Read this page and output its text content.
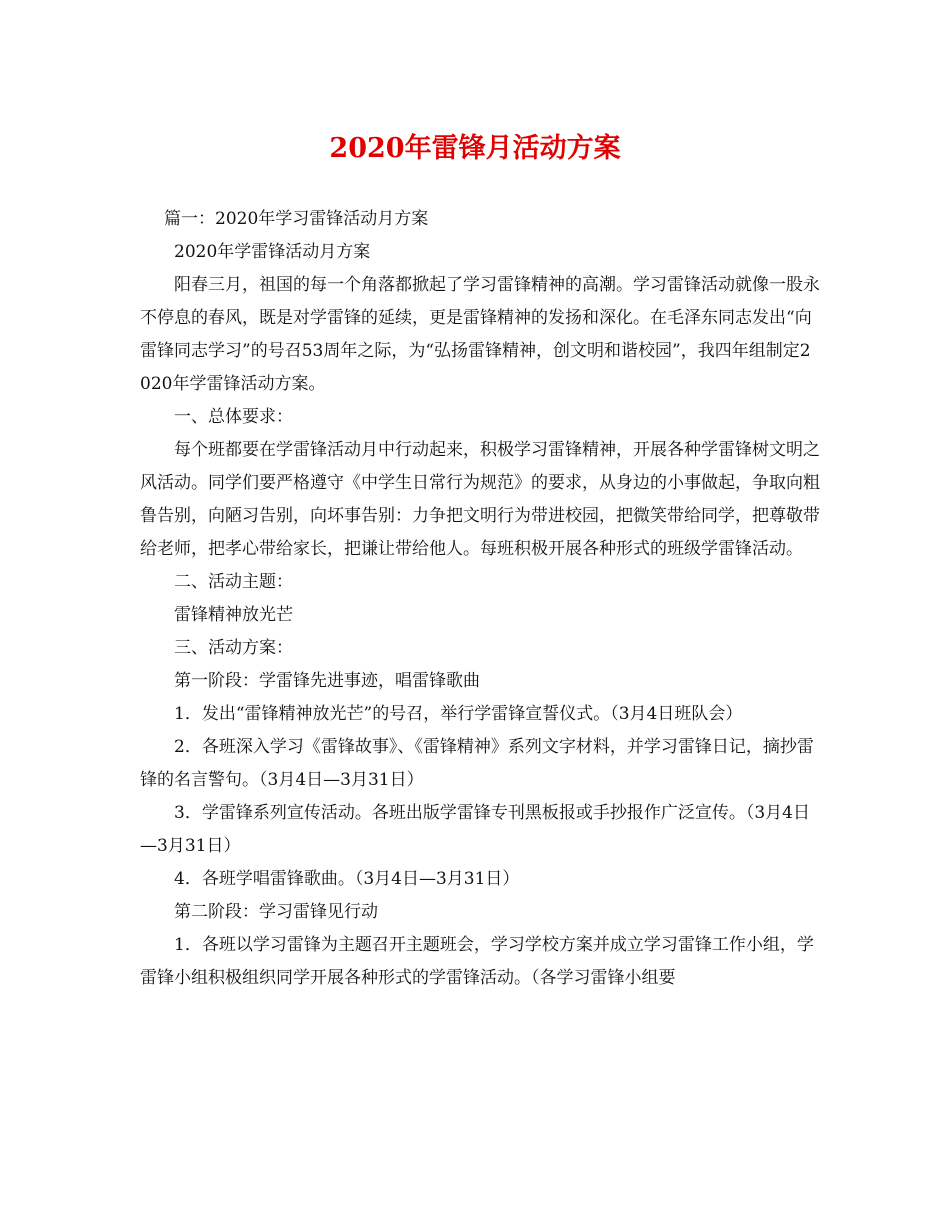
2020年雷锋月活动方案

篇一：2020年学习雷锋活动月方案

2020年学雷锋活动月方案

阳春三月，祖国的每一个角落都掀起了学习雷锋精神的高潮。学习雷锋活动就像一股永不停息的春风，既是对学雷锋的延续，更是雷锋精神的发扬和深化。在毛泽东同志发出“向雷锋同志学习”的号召53周年之际，为“弘扬雷锋精神，创文明和谐校园”，我四年组制定2020年学雷锋活动方案。

一、总体要求：

每个班都要在学雷锋活动月中行动起来，积极学习雷锋精神，开展各种学雷锋树文明之风活动。同学们要严格遵守《中学生日常行为规范》的要求，从身边的小事做起，争取向粗鲁告别，向陋习告别，向坏事告别：力争把文明行为带进校园，把微笑带给同学，把尊敬带给老师，把孝心带给家长，把谦让带给他人。每班积极开展各种形式的班级学雷锋活动。

二、活动主题：

雷锋精神放光芒

三、活动方案：

第一阶段：学雷锋先进事迹，唱雷锋歌曲

1．发出“雷锋精神放光芒”的号召，举行学雷锋宣誓仪式。（3月4日班队会）

2．各班深入学习《雷锋故事》、《雷锋精神》系列文字材料，并学习雷锋日记，摘抄雷锋的名言警句。（3月4日—3月31日）

3．学雷锋系列宣传活动。各班出版学雷锋专刊黑板报或手抄报作广泛宣传。（3月4日—3月31日）

4．各班学唱雷锋歌曲。（3月4日—3月31日）

第二阶段：学习雷锋见行动

1．各班以学习雷锋为主题召开主题班会，学习学校方案并成立学习雷锋工作小组，学雷锋小组积极组织同学开展各种形式的学雷锋活动。（各学习雷锋小组要
